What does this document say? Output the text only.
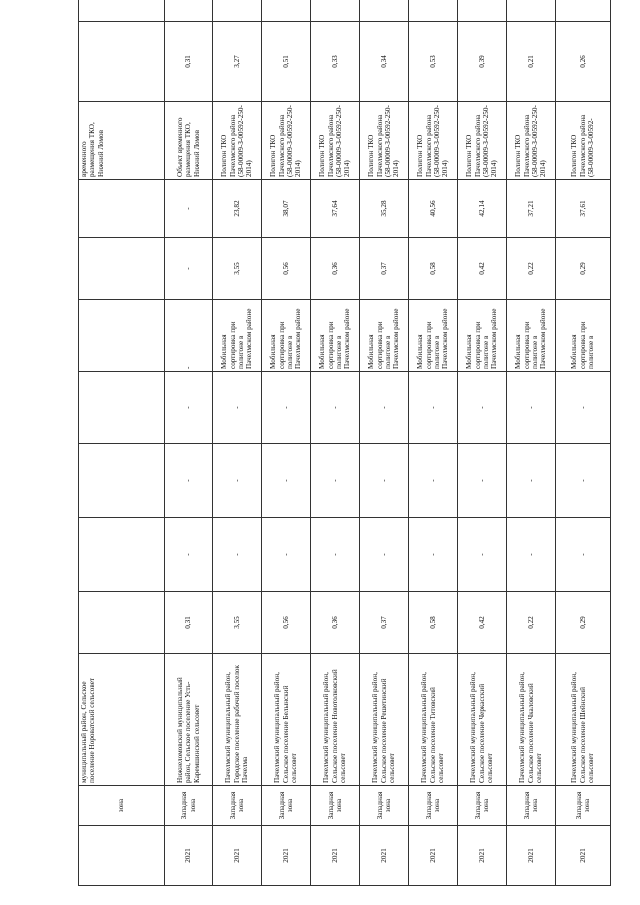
	зона	муниципальный район, Сельское поселение Нороватский сельсовет								временного размещения ТКО, Нижний Ломов		
2021	Западная зона	Нижнеломовский муниципальный район, Сельское поселение Усть-Каремшинский сельсовет	0,31	-	-	-	-	-	-	Объект временного размещения ТКО, Нижний Ломов	0,31	
2021	Западная зона	Пачелмский муниципальный район, Городское поселение рабочий поселок Пачелма	3,55	-	-	-	Мобильная сортировка при полигоне в Пачелмском районе	3,55	23,82	Полигон ТКО Пачелмского района (58-00009-З-00592-250-2014)	3,27	
2021	Западная зона	Пачелмский муниципальный район, Сельское поселение Белынский сельсовет	0,56	-	-	-	Мобильная сортировка при полигоне в Пачелмском районе	0,56	38,07	Полигон ТКО Пачелмского района (58-00009-З-00592-250-2014)	0,51	
2021	Западная зона	Пачелмский муниципальный район, Сельское поселение Новотолковский сельсовет	0,36	-	-	-	Мобильная сортировка при полигоне в Пачелмском районе	0,36	37,64	Полигон ТКО Пачелмского района (58-00009-З-00592-250-2014)	0,33	
2021	Западная зона	Пачелмский муниципальный район, Сельское поселение Решетинский сельсовет	0,37	-	-	-	Мобильная сортировка при полигоне в Пачелмском районе	0,37	35,28	Полигон ТКО Пачелмского района (58-00009-З-00592-250-2014)	0,34	
2021	Западная зона	Пачелмский муниципальный район, Сельское поселение Титовский сельсовет	0,58	-	-	-	Мобильная сортировка при полигоне в Пачелмском районе	0,58	40,56	Полигон ТКО Пачелмского района (58-00009-З-00592-250-2014)	0,53	
2021	Западная зона	Пачелмский муниципальный район, Сельское поселение Черкасский сельсовет	0,42	-	-	-	Мобильная сортировка при полигоне в Пачелмском районе	0,42	42,14	Полигон ТКО Пачелмского района (58-00009-З-00592-250-2014)	0,39	
2021	Западная зона	Пачелмский муниципальный район, Сельское поселение Чкаловский сельсовет	0,22	-	-	-	Мобильная сортировка при полигоне в Пачелмском районе	0,22	37,21	Полигон ТКО Пачелмского района (58-00009-З-00592-250-2014)	0,21	
2021	Западная зона	Пачелмский муниципальный район, Сельское поселение Шейнский сельсовет	0,29	-	-	-	Мобильная сортировка при полигоне в	0,29	37,61	Полигон ТКО Пачелмского района (58-00009-З-00592-	0,26	
